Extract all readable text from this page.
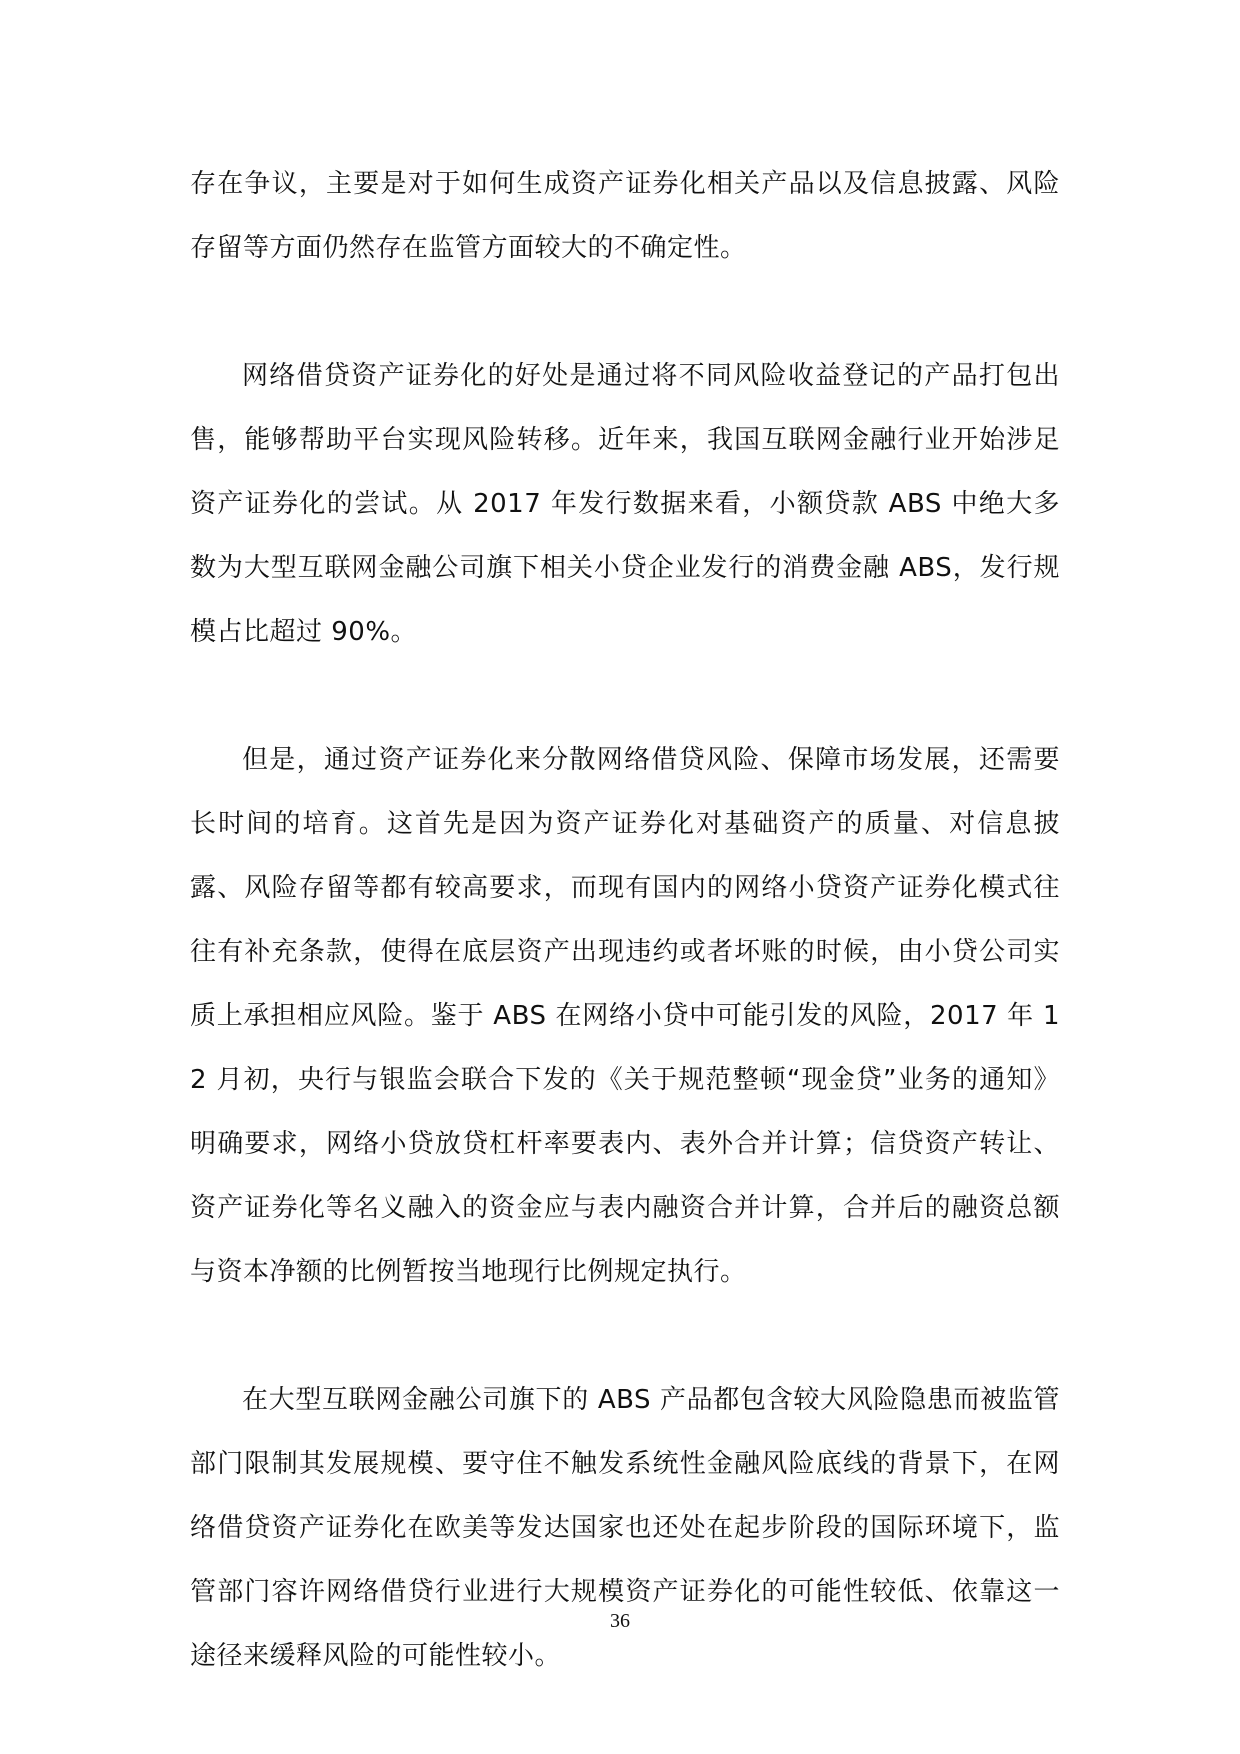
存在争议，主要是对于如何生成资产证券化相关产品以及信息披露、风险存留等方面仍然存在监管方面较大的不确定性。

网络借贷资产证券化的好处是通过将不同风险收益登记的产品打包出售，能够帮助平台实现风险转移。近年来，我国互联网金融行业开始涉足资产证券化的尝试。从 2017 年发行数据来看，小额贷款 ABS 中绝大多数为大型互联网金融公司旗下相关小贷企业发行的消费金融 ABS，发行规模占比超过 90%。

但是，通过资产证券化来分散网络借贷风险、保障市场发展，还需要长时间的培育。这首先是因为资产证券化对基础资产的质量、对信息披露、风险存留等都有较高要求，而现有国内的网络小贷资产证券化模式往往有补充条款，使得在底层资产出现违约或者坏账的时候，由小贷公司实质上承担相应风险。鉴于 ABS 在网络小贷中可能引发的风险，2017 年 12 月初，央行与银监会联合下发的《关于规范整顿“现金贷”业务的通知》明确要求，网络小贷放贷杠杆率要表内、表外合并计算；信贷资产转让、资产证券化等名义融入的资金应与表内融资合并计算，合并后的融资总额与资本净额的比例暂按当地现行比例规定执行。

在大型互联网金融公司旗下的 ABS 产品都包含较大风险隐患而被监管部门限制其发展规模、要守住不触发系统性金融风险底线的背景下，在网络借贷资产证券化在欧美等发达国家也还处在起步阶段的国际环境下，监管部门容许网络借贷行业进行大规模资产证券化的可能性较低、依靠这一途径来缓释风险的可能性较小。

36
